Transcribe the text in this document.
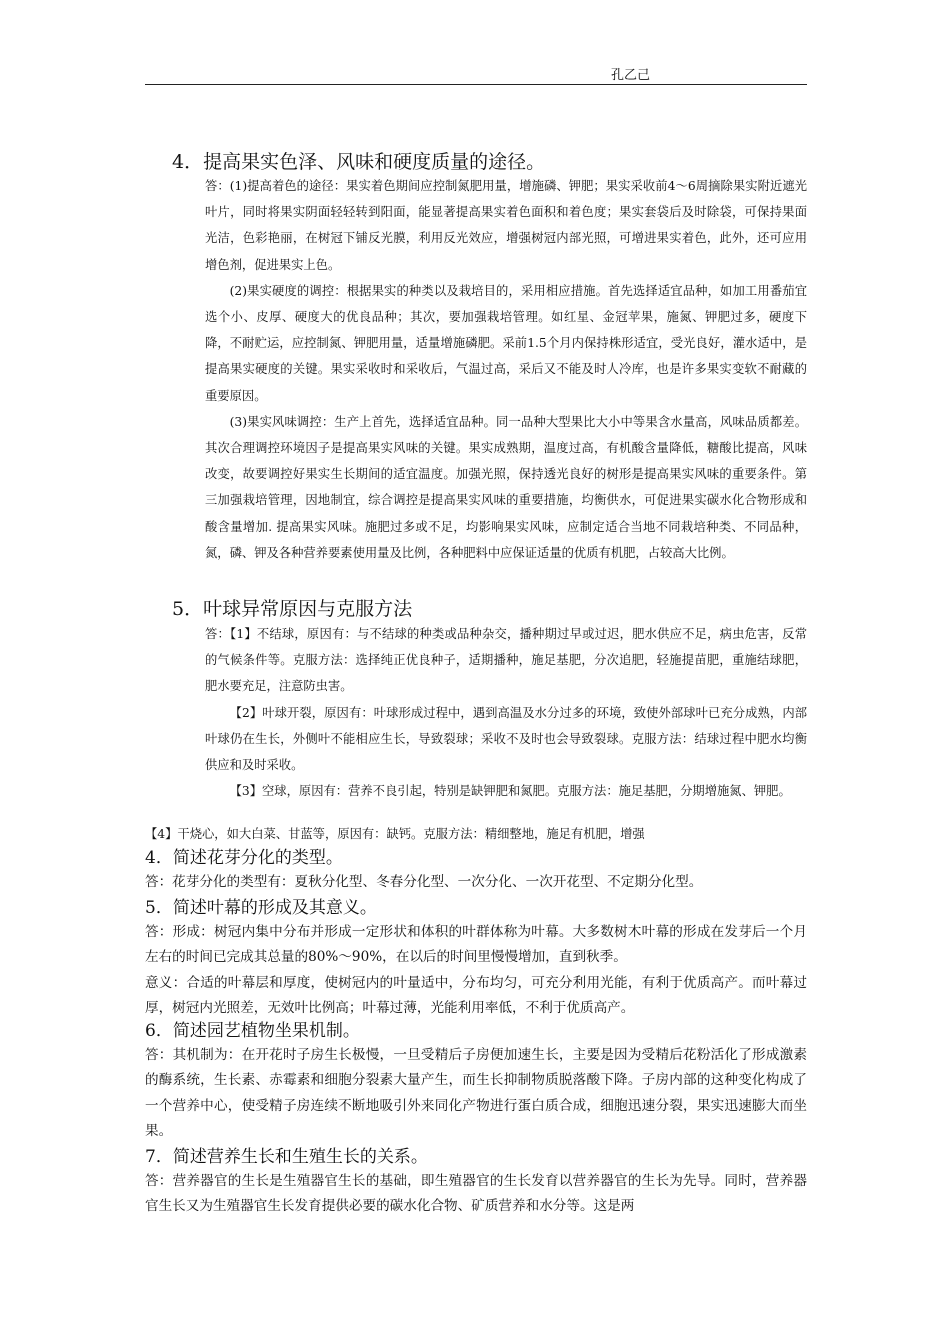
孔乙己
4．提高果实色泽、风味和硬度质量的途径。

答：(1)提高着色的途径：果实着色期间应控制氮肥用量，增施磷、钾肥；果实采收前4～6周摘除果实附近遮光叶片，同时将果实阴面轻轻转到阳面，能显著提高果实着色面积和着色度；果实套袋后及时除袋，可保持果面光洁，色彩艳丽，在树冠下铺反光膜，利用反光效应，增强树冠内部光照，可增进果实着色，此外，还可应用增色剂，促进果实上色。

(2)果实硬度的调控：根据果实的种类以及栽培目的，采用相应措施。首先选择适宜品种，如加工用番茄宜选个小、皮厚、硬度大的优良品种；其次，要加强栽培管理。如红星、金冠苹果，施氮、钾肥过多，硬度下降，不耐贮运，应控制氮、钾肥用量，适量增施磷肥。采前1.5个月内保持株形适宜，受光良好，灌水适中，是提高果实硬度的关键。果实采收时和采收后，气温过高，采后又不能及时人冷库，也是许多果实变软不耐藏的重要原因。

(3)果实风味调控：生产上首先，选择适宜品种。同一品种大型果比大小中等果含水量高，风味品质都差。其次合理调控环境因子是提高果实风味的关键。果实成熟期，温度过高，有机酸含量降低，糖酸比提高，风味改变，故要调控好果实生长期间的适宜温度。加强光照，保持透光良好的树形是提高果实风味的重要条件。第三加强栽培管理，因地制宜，综合调控是提高果实风味的重要措施，均衡供水，可促进果实碳水化合物形成和酸含量增加. 提高果实风味。施肥过多或不足，均影响果实风味，应制定适合当地不同栽培种类、不同品种，氮，磷、钾及各种营养要素使用量及比例，各种肥料中应保证适量的优质有机肥，占较高大比例。

5．叶球异常原因与克服方法

答：【1】不结球，原因有：与不结球的种类或品种杂交，播种期过早或过迟，肥水供应不足，病虫危害，反常的气候条件等。克服方法：选择纯正优良种子，适期播种，施足基肥，分次追肥，轻施提苗肥，重施结球肥，肥水要充足，注意防虫害。

【2】叶球开裂，原因有：叶球形成过程中，遇到高温及水分过多的环境，致使外部球叶已充分成熟，内部叶球仍在生长，外侧叶不能相应生长，导致裂球；采收不及时也会导致裂球。克服方法：结球过程中肥水均衡供应和及时采收。

【3】空球，原因有：营养不良引起，特别是缺钾肥和氮肥。克服方法：施足基肥，分期增施氮、钾肥。

【4】干烧心，如大白菜、甘蓝等，原因有：缺钙。克服方法：精细整地，施足有机肥，增强
4．简述花芽分化的类型。
答：花芽分化的类型有：夏秋分化型、冬春分化型、一次分化、一次开花型、不定期分化型。
5．简述叶幕的形成及其意义。

答：形成：树冠内集中分布并形成一定形状和体积的叶群体称为叶幕。大多数树木叶幕的形成在发芽后一个月左右的时间已完成其总量的80%～90%，在以后的时间里慢慢增加，直到秋季。

意义：合适的叶幕层和厚度，使树冠内的叶量适中，分布均匀，可充分利用光能，有利于优质高产。而叶幕过厚，树冠内光照差，无效叶比例高；叶幕过薄，光能利用率低，不利于优质高产。

6．简述园艺植物坐果机制。

答：其机制为：在开花时子房生长极慢，一旦受精后子房便加速生长，主要是因为受精后花粉活化了形成激素的酶系统，生长素、赤霉素和细胞分裂素大量产生，而生长抑制物质脱落酸下降。子房内部的这种变化构成了一个营养中心，使受精子房连续不断地吸引外来同化产物进行蛋白质合成，细胞迅速分裂，果实迅速膨大而坐果。

7．简述营养生长和生殖生长的关系。

答：营养器官的生长是生殖器官生长的基础，即生殖器官的生长发育以营养器官的生长为先导。同时，营养器官生长又为生殖器官生长发育提供必要的碳水化合物、矿质营养和水分等。这是两
